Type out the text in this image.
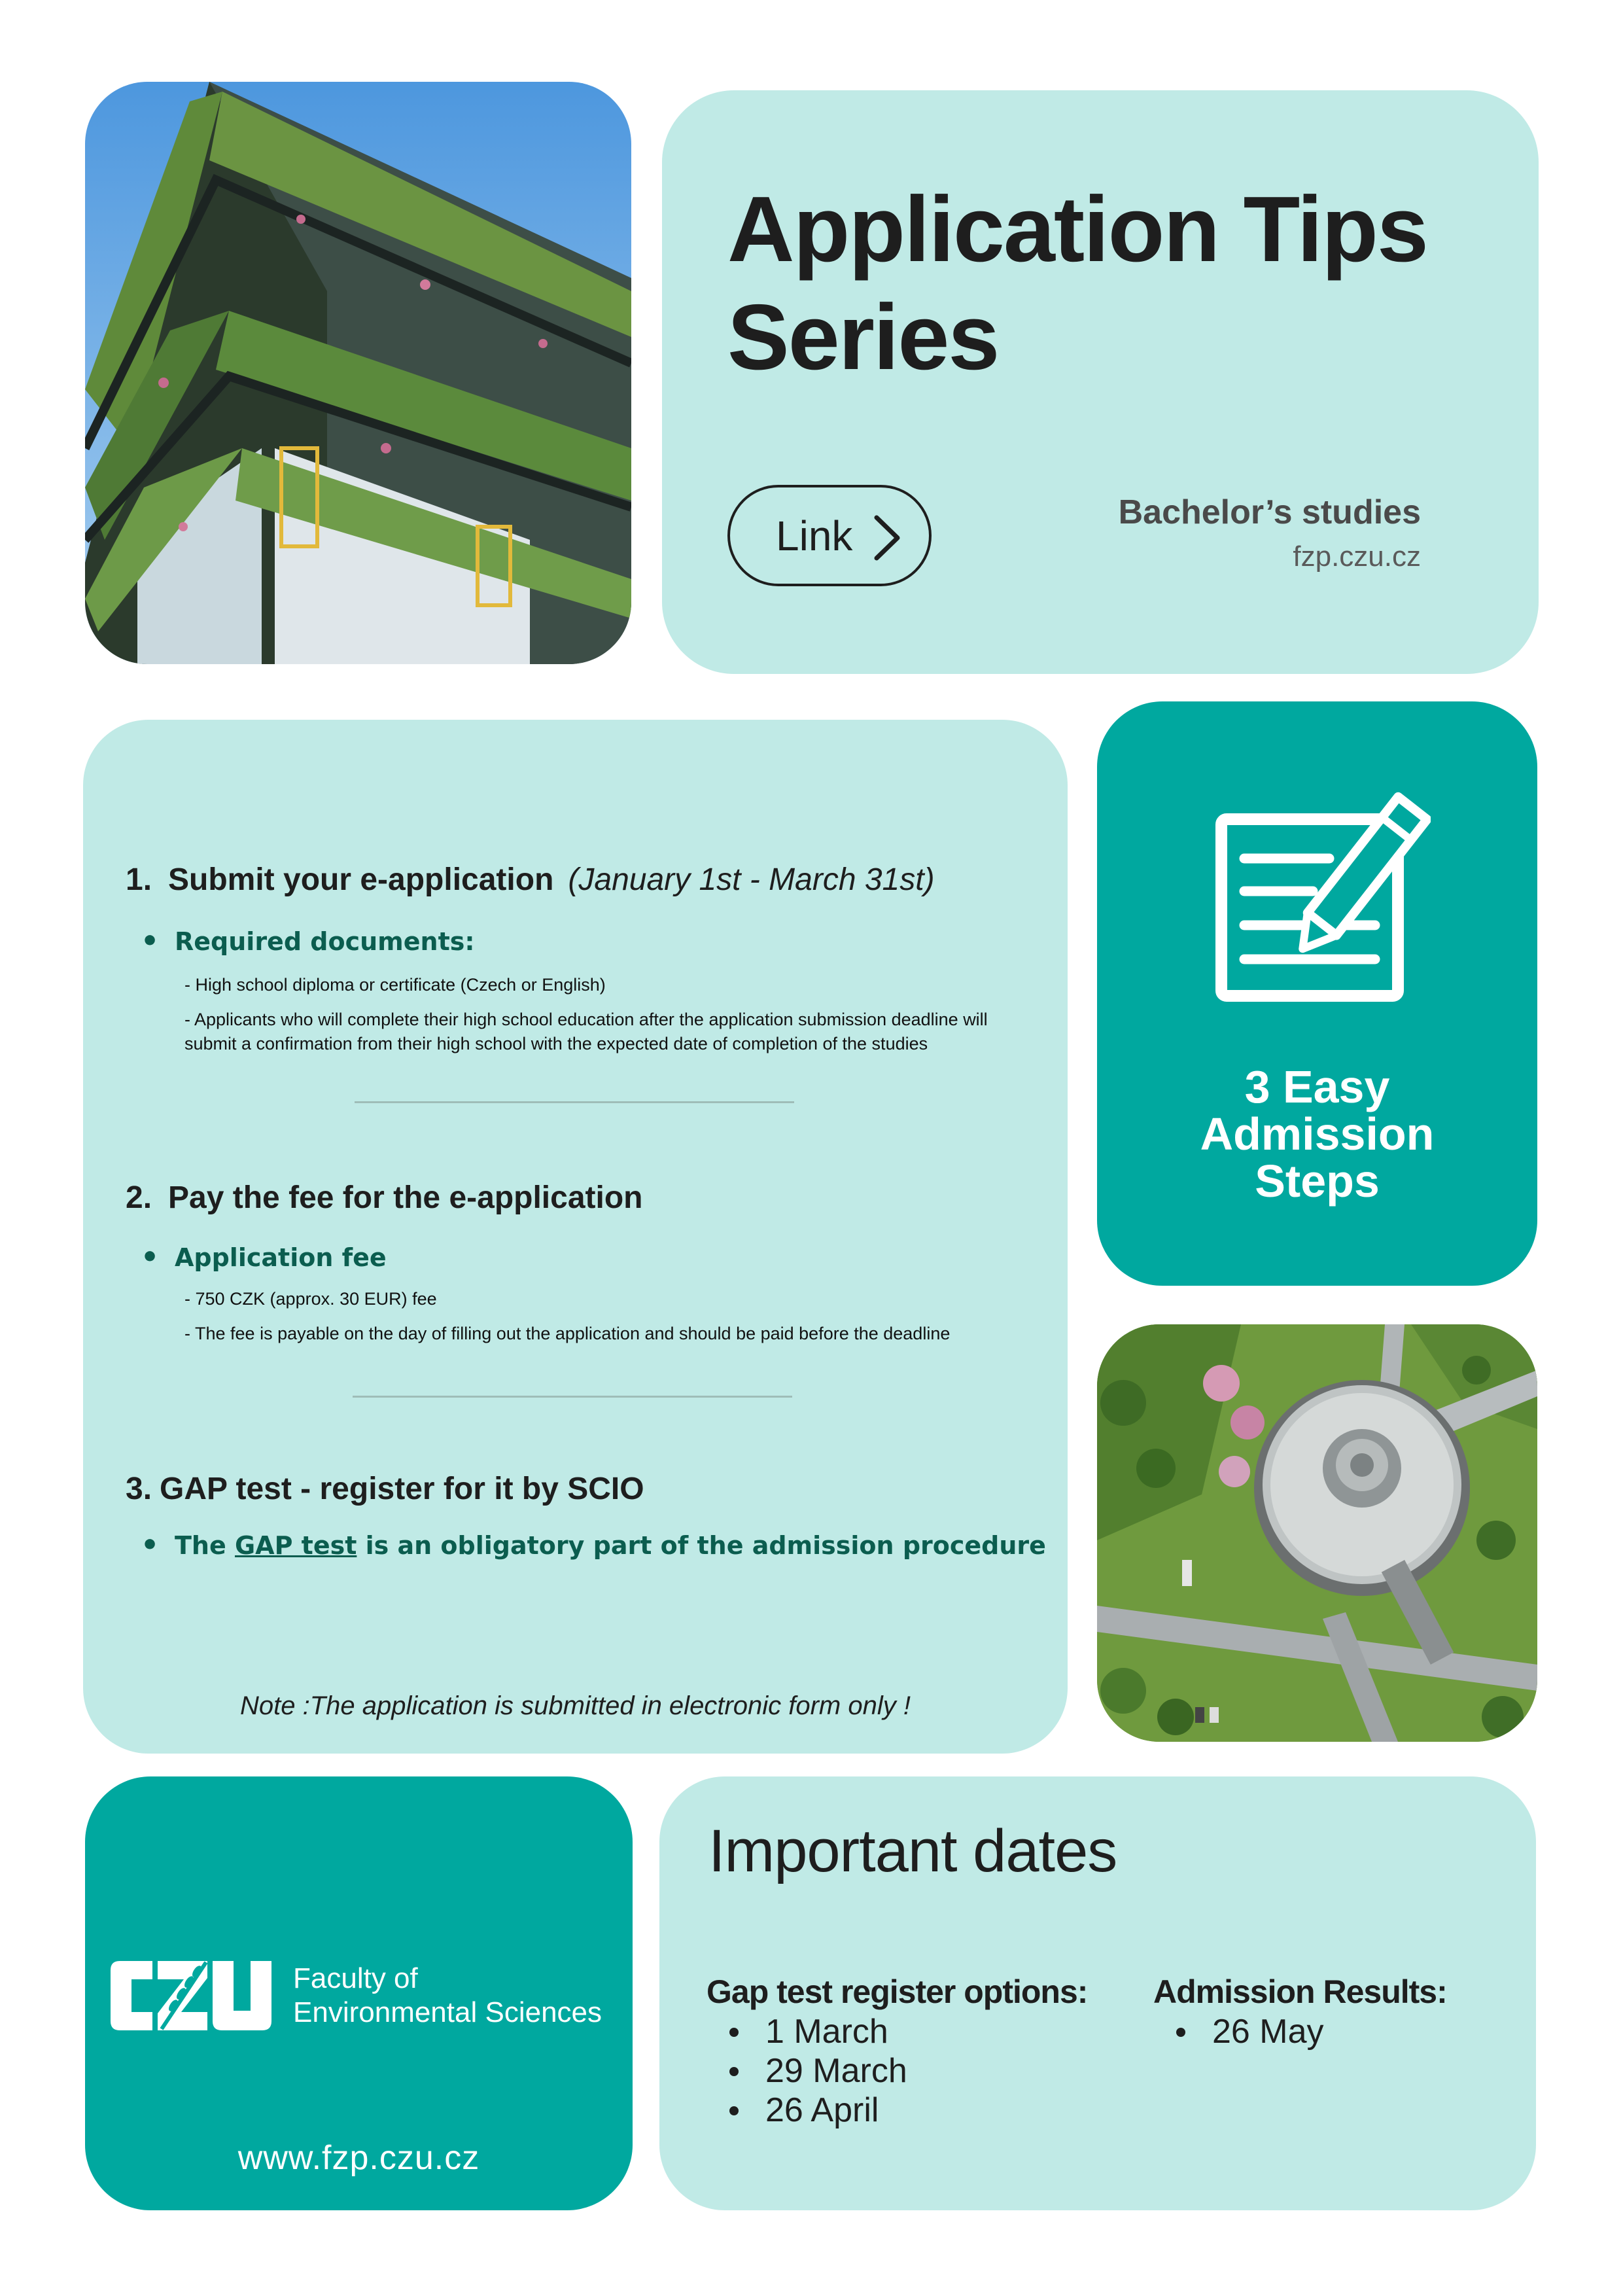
Application Tips Series
Link	Bachelor’s studies
fzp.czu.cz
1. Submit your e-application (January 1st - March 31st)
• Required documents:
- High school diploma or certificate (Czech or English)
- Applicants who will complete their high school education after the application submission deadline will submit a confirmation from their high school with the expected date of completion of the studies
2. Pay the fee for the e-application
• Application fee
- 750 CZK (approx. 30 EUR) fee
- The fee is payable on the day of filling out the application and should be paid before the deadline
3. GAP test - register for it by SCIO
• The GAP test is an obligatory part of the admission procedure
Note :The application is submitted in electronic form only !
3 Easy
Admission
Steps
Faculty of
Environmental Sciences
www.fzp.czu.cz
Important dates
Gap test register options:
1 March
29 March
26 April
Admission Results:
26 May
